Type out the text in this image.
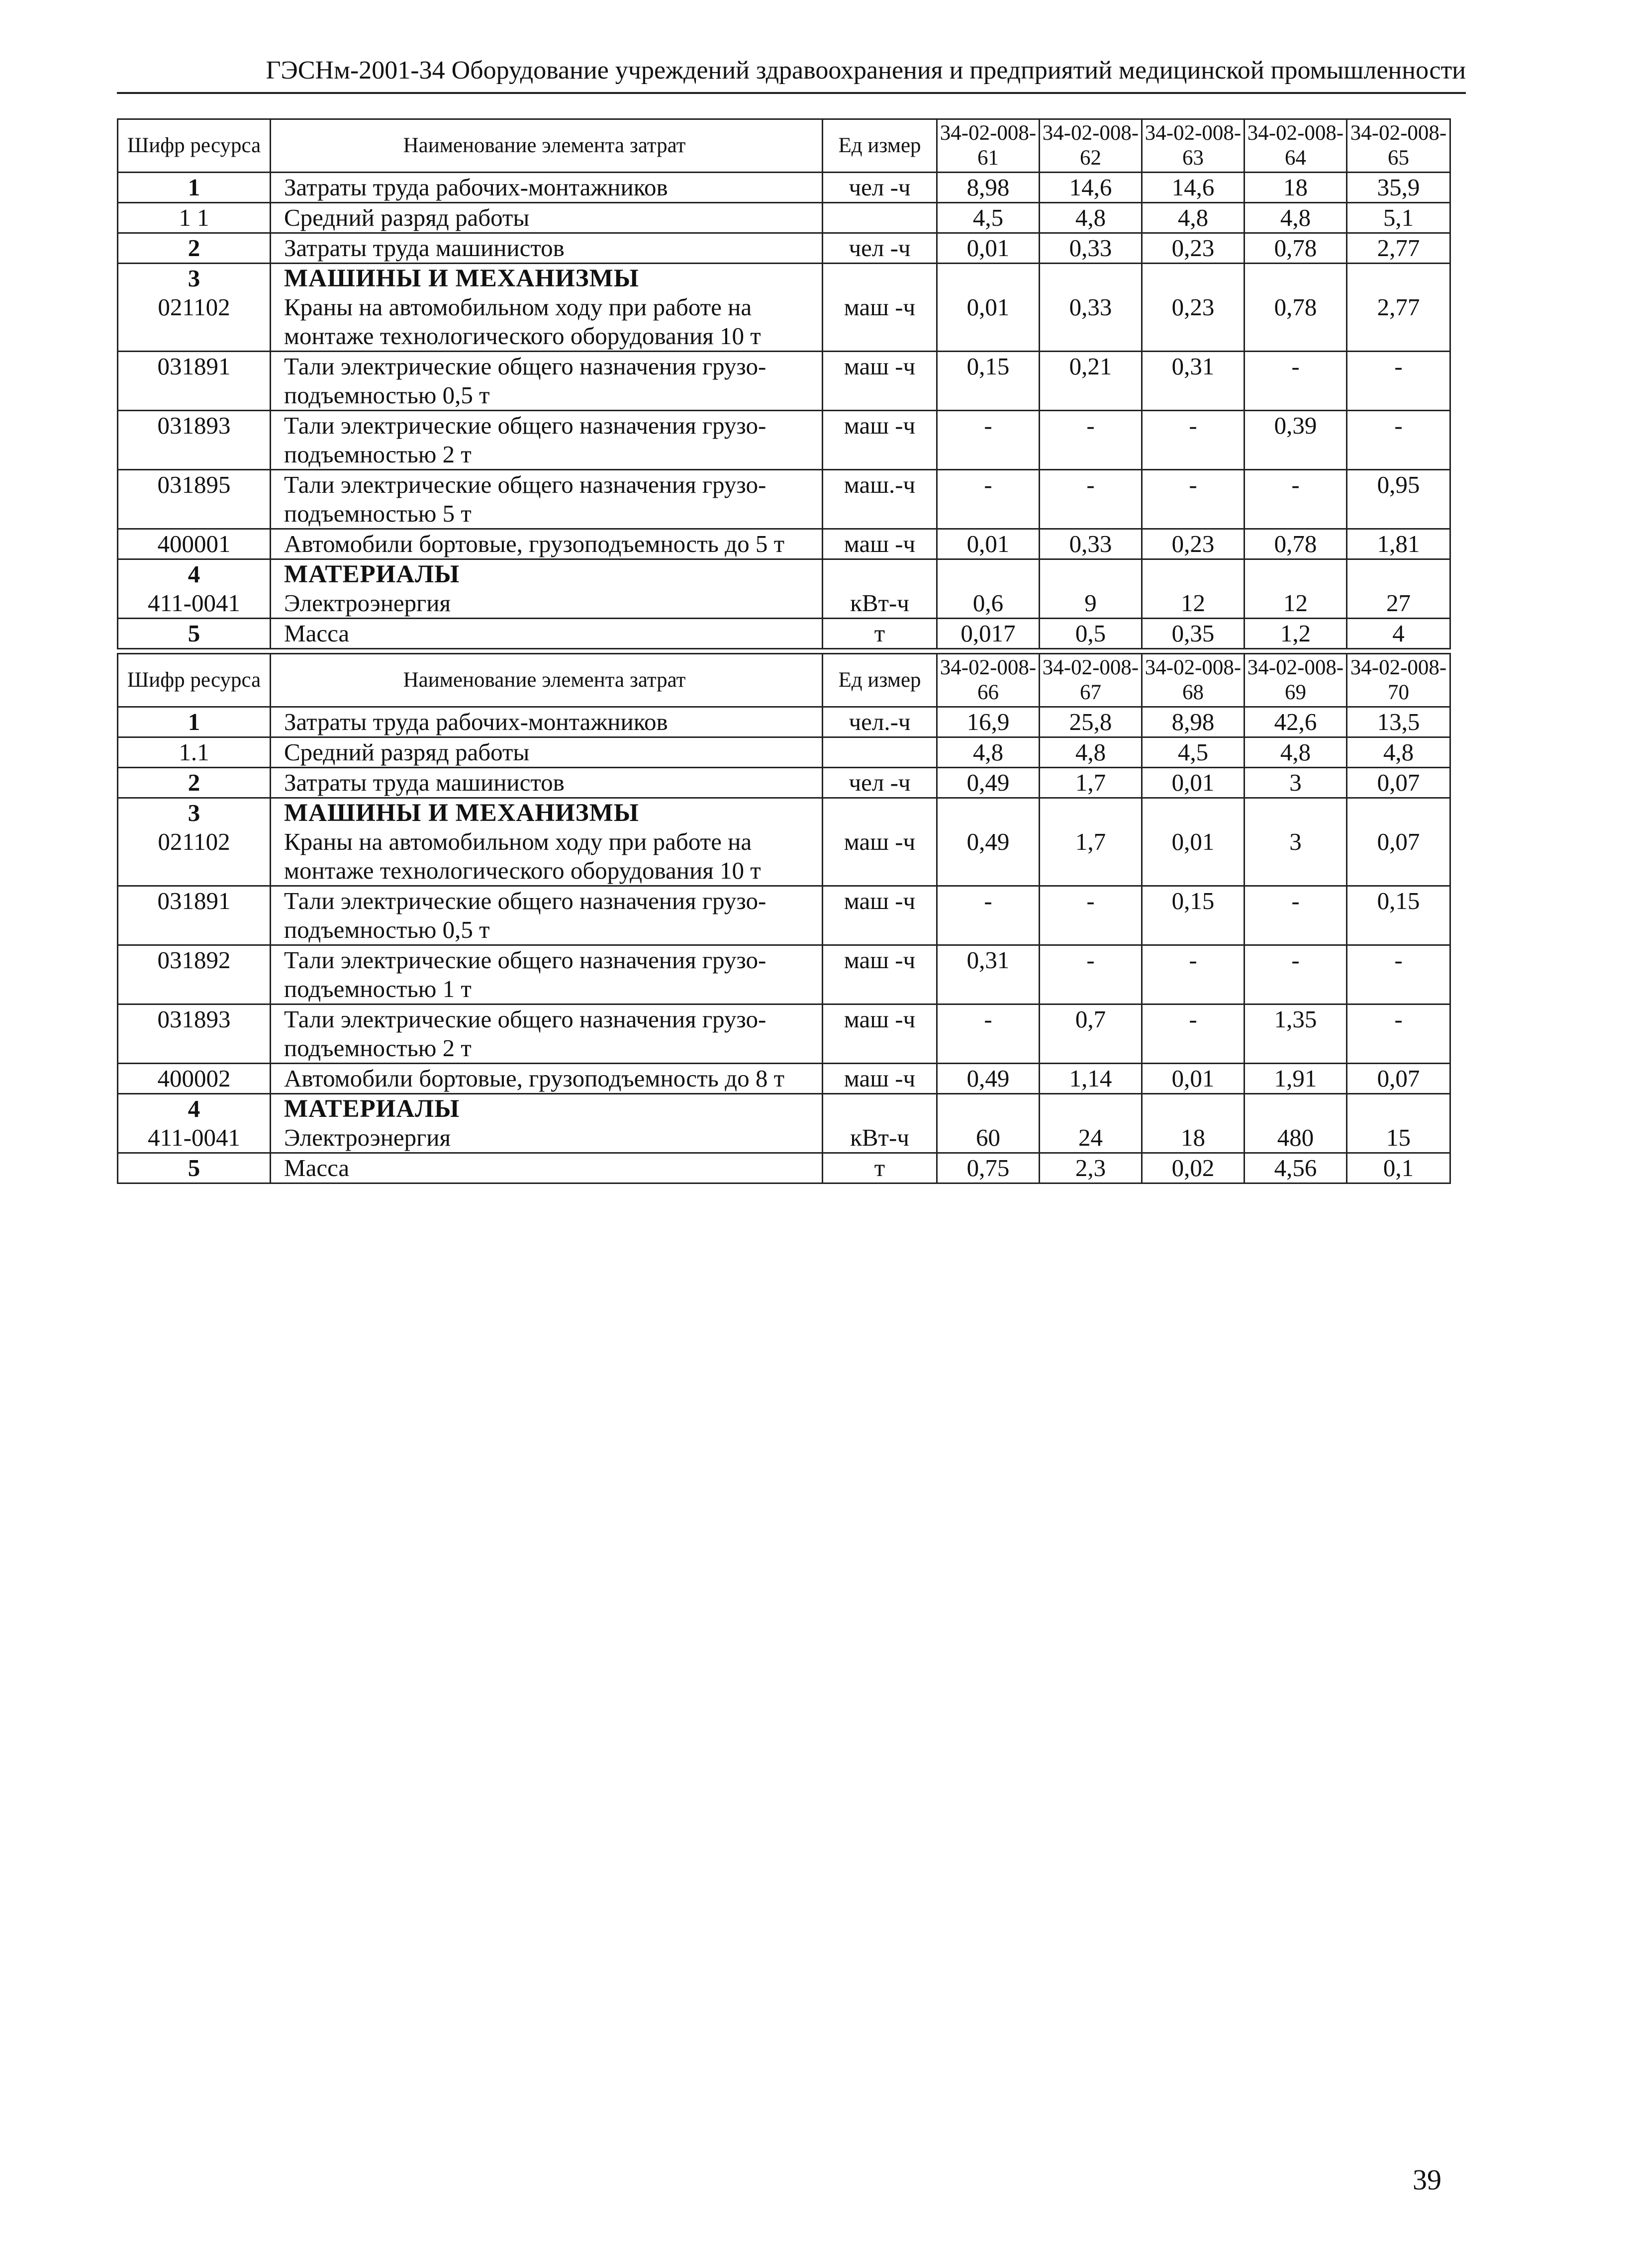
ГЭСНм-2001-34 Оборудование учреждений здравоохранения и предприятий медицинской промышленности
Шифр ресурса	Наименование элемента затрат	Ед измер	34-02-008-61	34-02-008-62	34-02-008-63	34-02-008-64	34-02-008-65
1	Затраты труда рабочих-монтажников	чел -ч	8,98	14,6	14,6	18	35,9
1 1	Средний разряд работы		4,5	4,8	4,8	4,8	5,1
2	Затраты труда машинистов	чел -ч	0,01	0,33	0,23	0,78	2,77
3	МАШИНЫ И МЕХАНИЗМЫ						
021102	Краны на автомобильном ходу при работе на монтаже технологического оборудования 10 т	маш -ч	0,01	0,33	0,23	0,78	2,77
031891	Тали электрические общего назначения грузо-подъемностью 0,5 т	маш -ч	0,15	0,21	0,31	-	-
031893	Тали электрические общего назначения грузо-подъемностью 2 т	маш -ч	-	-	-	0,39	-
031895	Тали электрические общего назначения грузо-подъемностью 5 т	маш.-ч	-	-	-	-	0,95
400001	Автомобили бортовые, грузоподъемность до 5 т	маш -ч	0,01	0,33	0,23	0,78	1,81
4	МАТЕРИАЛЫ						
411-0041	Электроэнергия	кВт-ч	0,6	9	12	12	27
5	Масса	т	0,017	0,5	0,35	1,2	4
Шифр ресурса	Наименование элемента затрат	Ед измер	34-02-008-66	34-02-008-67	34-02-008-68	34-02-008-69	34-02-008-70
1	Затраты труда рабочих-монтажников	чел.-ч	16,9	25,8	8,98	42,6	13,5
1.1	Средний разряд работы		4,8	4,8	4,5	4,8	4,8
2	Затраты труда машинистов	чел -ч	0,49	1,7	0,01	3	0,07
3	МАШИНЫ И МЕХАНИЗМЫ						
021102	Краны на автомобильном ходу при работе на монтаже технологического оборудования 10 т	маш -ч	0,49	1,7	0,01	3	0,07
031891	Тали электрические общего назначения грузо-подъемностью 0,5 т	маш -ч	-	-	0,15	-	0,15
031892	Тали электрические общего назначения грузо-подъемностью 1 т	маш -ч	0,31	-	-	-	-
031893	Тали электрические общего назначения грузо-подъемностью 2 т	маш -ч	-	0,7	-	1,35	-
400002	Автомобили бортовые, грузоподъемность до 8 т	маш -ч	0,49	1,14	0,01	1,91	0,07
4	МАТЕРИАЛЫ						
411-0041	Электроэнергия	кВт-ч	60	24	18	480	15
5	Масса	т	0,75	2,3	0,02	4,56	0,1
39
